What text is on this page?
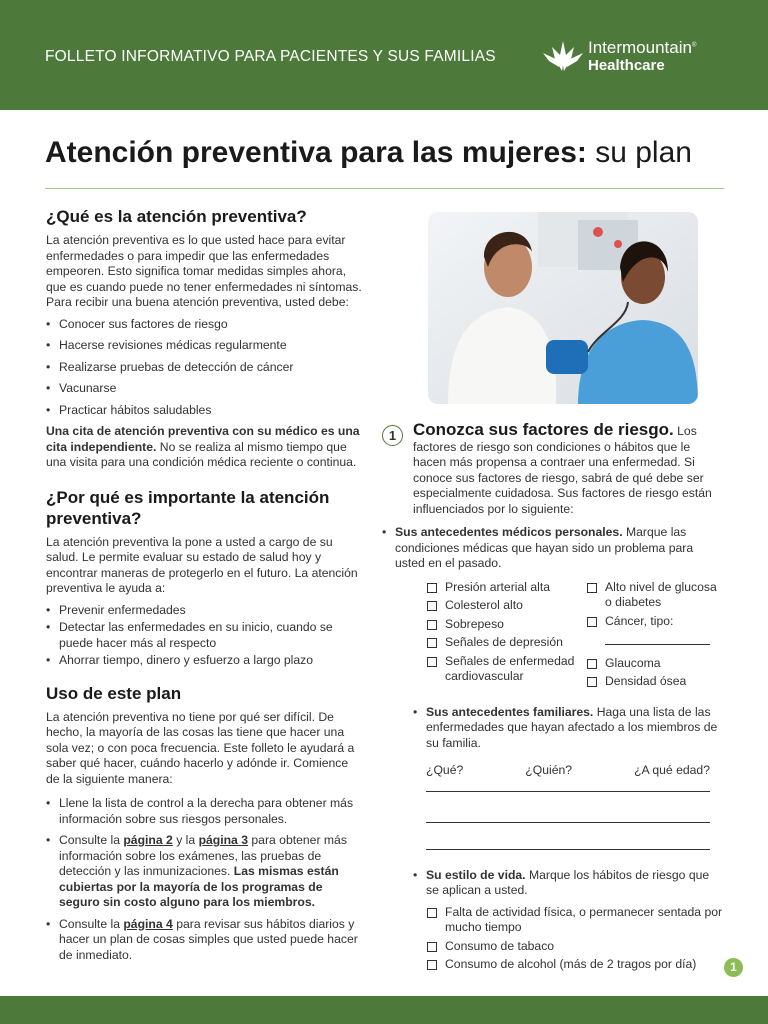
FOLLETO INFORMATIVO PARA PACIENTES Y SUS FAMILIAS	Intermountain®
Healthcare
Atención preventiva para las mujeres: su plan
¿Qué es la atención preventiva?

La atención preventiva es lo que usted hace para evitar enfermedades o para impedir que las enfermedades empeoren. Esto significa tomar medidas simples ahora, que es cuando puede no tener enfermedades ni síntomas. Para recibir una buena atención preventiva, usted debe:

• Conocer sus factores de riesgo
• Hacerse revisiones médicas regularmente
• Realizarse pruebas de detección de cáncer
• Vacunarse
• Practicar hábitos saludables

Una cita de atención preventiva con su médico es una cita independiente. No se realiza al mismo tiempo que una visita para una condición médica reciente o continua.

¿Por qué es importante la atención preventiva?

La atención preventiva la pone a usted a cargo de su salud. Le permite evaluar su estado de salud hoy y encontrar maneras de protegerlo en el futuro. La atención preventiva le ayuda a:

• Prevenir enfermedades
• Detectar las enfermedades en su inicio, cuando se puede hacer más al respecto
• Ahorrar tiempo, dinero y esfuerzo a largo plazo
Uso de este plan

La atención preventiva no tiene por qué ser difícil. De hecho, la mayoría de las cosas las tiene que hacer una sola vez; o con poca frecuencia. Este folleto le ayudará a saber qué hacer, cuándo hacerlo y adónde ir. Comience de la siguiente manera:

• Llene la lista de control a la derecha para obtener más información sobre sus riesgos personales.
• Consulte la página 2 y la página 3 para obtener más información sobre los exámenes, las pruebas de detección y las inmunizaciones. Las mismas están cubiertas por la mayoría de los programas de seguro sin costo alguno para los miembros.
• Consulte la página 4 para revisar sus hábitos diarios y hacer un plan de cosas simples que usted puede hacer de inmediato.
1 Conozca sus factores de riesgo. Los factores de riesgo son condiciones o hábitos que le hacen más propensa a contraer una enfermedad. Si conoce sus factores de riesgo, sabrá de qué debe ser especialmente cuidadosa. Sus factores de riesgo están influenciados por lo siguiente:

• Sus antecedentes médicos personales. Marque las condiciones médicas que hayan sido un problema para usted en el pasado.
Presión arterial alta
Colesterol alto
Sobrepeso
Señales de depresión
Señales de enfermedad cardiovascular
Alto nivel de glucosa o diabetes
Cáncer, tipo:
Glaucoma
Densidad ósea
• Sus antecedentes familiares. Haga una lista de las enfermedades que hayan afectado a los miembros de su familia.
¿Qué?	¿Quién?	¿A qué edad?
• Su estilo de vida. Marque los hábitos de riesgo que se aplican a usted.
Falta de actividad física, o permanecer sentada por mucho tiempo
Consumo de tabaco
Consumo de alcohol (más de 2 tragos por día)	1
